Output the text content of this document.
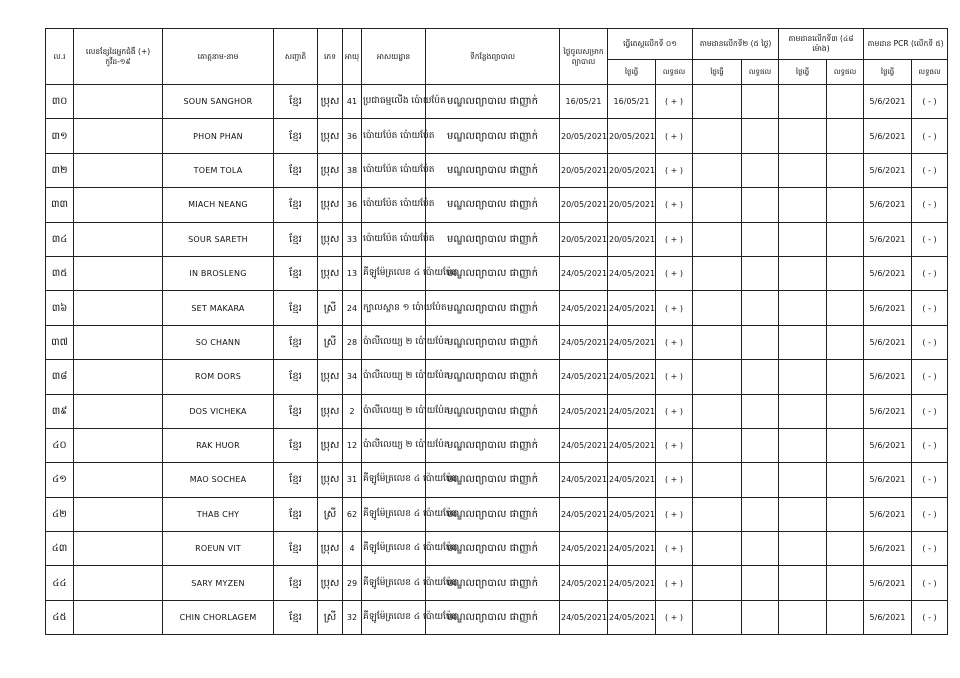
ល.រ	លេខខ្សែដៃអ្នកជំងឺ (+) កូវីដ-១៩	គោត្តនាម-នាម	សញ្ជាតិ	ភេទ	អាយុ	អាសយដ្ឋាន	ទីកន្លែងព្យាបាល	ថ្ងៃចូលសម្រាកព្យាបាល	ធ្វើតេស្តលើកទី ០១		តាមដានលើកទី២ (៥ ថ្ងៃ)		តាមដានលើកទី៣ (៤៨ ម៉ោង)		តាមដាន PCR (លើកទី ៥)	
									ថ្ងៃធ្វើ	លទ្ធផល	ថ្ងៃធ្វើ	លទ្ធផល	ថ្ងៃធ្វើ	លទ្ធផល	ថ្ងៃធ្វើ	លទ្ធផល
៣០		SOUN SANGHOR	ខ្មែរ	ប្រុស	41	ប្រជាធម្មលើង ប៉ោយប៉ែត	មណ្ឌលព្យាបាល ផាញ្ញាក់	16/05/21	16/05/21	( + )					5/6/2021	( - )
៣១		PHON PHAN	ខ្មែរ	ប្រុស	36	ប៉ោយប៉ែត ប៉ោយប៉ែត	មណ្ឌលព្យាបាល ផាញ្ញាក់	20/05/2021	20/05/2021	( + )					5/6/2021	( - )
៣២		TOEM TOLA	ខ្មែរ	ប្រុស	38	ប៉ោយប៉ែត ប៉ោយប៉ែត	មណ្ឌលព្យាបាល ផាញ្ញាក់	20/05/2021	20/05/2021	( + )					5/6/2021	( - )
៣៣		MIACH NEANG	ខ្មែរ	ប្រុស	36	ប៉ោយប៉ែត ប៉ោយប៉ែត	មណ្ឌលព្យាបាល ផាញ្ញាក់	20/05/2021	20/05/2021	( + )					5/6/2021	( - )
៣៤		SOUR SARETH	ខ្មែរ	ប្រុស	33	ប៉ោយប៉ែត ប៉ោយប៉ែត	មណ្ឌលព្យាបាល ផាញ្ញាក់	20/05/2021	20/05/2021	( + )					5/6/2021	( - )
៣៥		IN BROSLENG	ខ្មែរ	ប្រុស	13	គីឡូម៉ែត្រលេខ ៤ ប៉ោយប៉ែត	មណ្ឌលព្យាបាល ផាញ្ញាក់	24/05/2021	24/05/2021	( + )					5/6/2021	( - )
៣៦		SET MAKARA	ខ្មែរ	ស្រី	24	ក្បាលស្ពាន ១ ប៉ោយប៉ែត	មណ្ឌលព្យាបាល ផាញ្ញាក់	24/05/2021	24/05/2021	( + )					5/6/2021	( - )
៣៧		SO CHANN	ខ្មែរ	ស្រី	28	ប៉ាលីលេយ្យ ២ ប៉ោយប៉ែត	មណ្ឌលព្យាបាល ផាញ្ញាក់	24/05/2021	24/05/2021	( + )					5/6/2021	( - )
៣៨		ROM DORS	ខ្មែរ	ប្រុស	34	ប៉ាលីលេយ្យ ២ ប៉ោយប៉ែត	មណ្ឌលព្យាបាល ផាញ្ញាក់	24/05/2021	24/05/2021	( + )					5/6/2021	( - )
៣៩		DOS VICHEKA	ខ្មែរ	ប្រុស	2	ប៉ាលីលេយ្យ ២ ប៉ោយប៉ែត	មណ្ឌលព្យាបាល ផាញ្ញាក់	24/05/2021	24/05/2021	( + )					5/6/2021	( - )
៤០		RAK HUOR	ខ្មែរ	ប្រុស	12	ប៉ាលីលេយ្យ ២ ប៉ោយប៉ែត	មណ្ឌលព្យាបាល ផាញ្ញាក់	24/05/2021	24/05/2021	( + )					5/6/2021	( - )
៤១		MAO SOCHEA	ខ្មែរ	ប្រុស	31	គីឡូម៉ែត្រលេខ ៤ ប៉ោយប៉ែត	មណ្ឌលព្យាបាល ផាញ្ញាក់	24/05/2021	24/05/2021	( + )					5/6/2021	( - )
៤២		THAB CHY	ខ្មែរ	ស្រី	62	គីឡូម៉ែត្រលេខ ៤ ប៉ោយប៉ែត	មណ្ឌលព្យាបាល ផាញ្ញាក់	24/05/2021	24/05/2021	( + )					5/6/2021	( - )
៤៣		ROEUN VIT	ខ្មែរ	ប្រុស	4	គីឡូម៉ែត្រលេខ ៤ ប៉ោយប៉ែត	មណ្ឌលព្យាបាល ផាញ្ញាក់	24/05/2021	24/05/2021	( + )					5/6/2021	( - )
៤៤		SARY MYZEN	ខ្មែរ	ប្រុស	29	គីឡូម៉ែត្រលេខ ៤ ប៉ោយប៉ែត	មណ្ឌលព្យាបាល ផាញ្ញាក់	24/05/2021	24/05/2021	( + )					5/6/2021	( - )
៤៥		CHIN CHORLAGEM	ខ្មែរ	ស្រី	32	គីឡូម៉ែត្រលេខ ៤ ប៉ោយប៉ែត	មណ្ឌលព្យាបាល ផាញ្ញាក់	24/05/2021	24/05/2021	( + )					5/6/2021	( - )
